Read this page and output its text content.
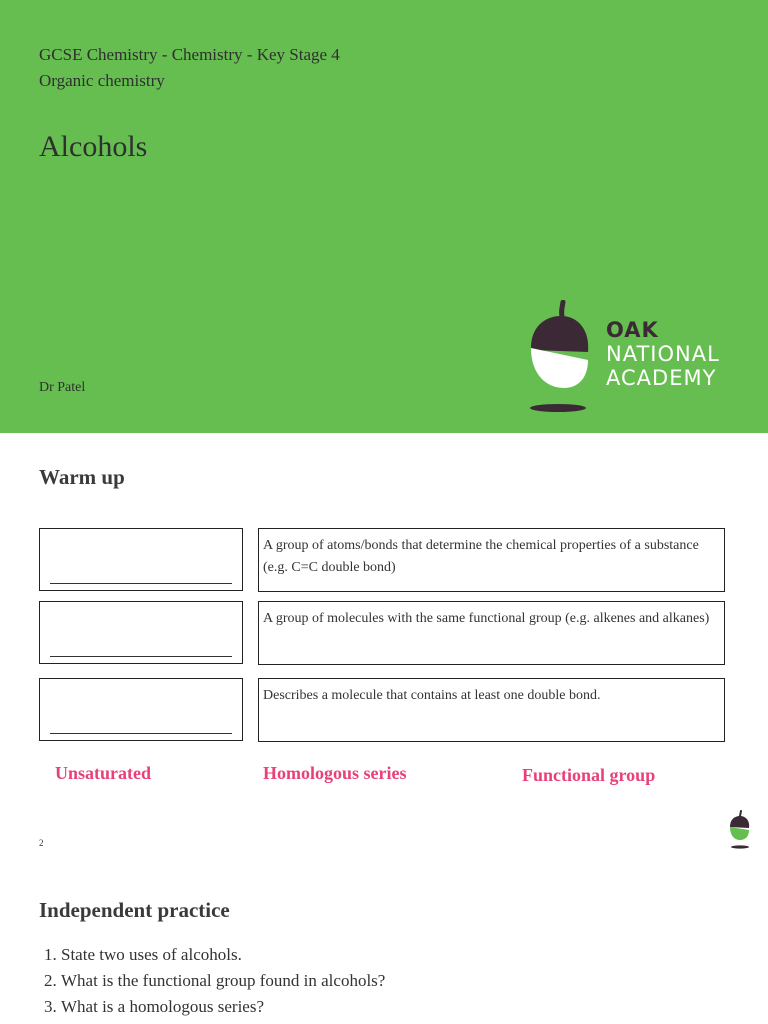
GCSE Chemistry - Chemistry - Key Stage 4
Organic chemistry
Alcohols
Dr Patel
OAK
NATIONAL
ACADEMY
Warm up
A group of atoms/bonds that determine the chemical properties of a substance (e.g. C=C double bond)
A group of molecules with the same functional group (e.g. alkenes and alkanes)
Describes a molecule that contains at least one double bond.
Unsaturated	Homologous series	Functional group
2
Independent practice
1. State two uses of alcohols.
2. What is the functional group found in alcohols?
3. What is a homologous series?
